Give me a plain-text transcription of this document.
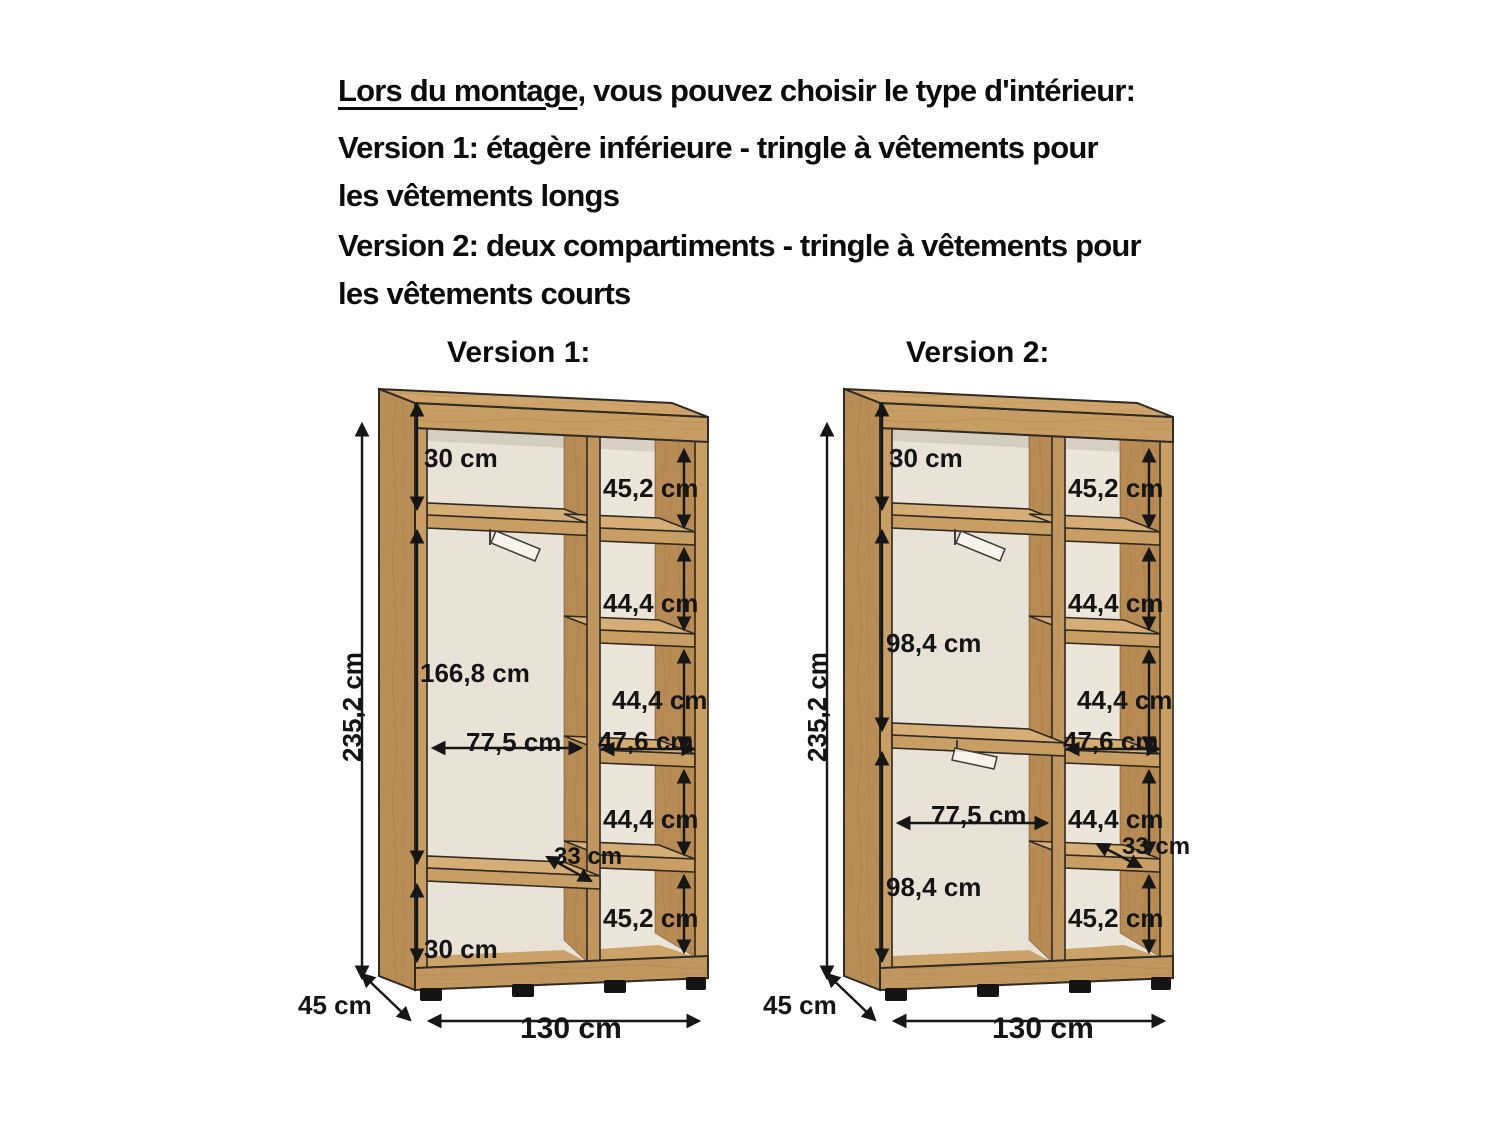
Lors du montage, vous pouvez choisir le type d'intérieur:
Version 1: étagère inférieure - tringle à vêtements pour
les vêtements longs
Version 2: deux compartiments - tringle à vêtements pour
les vêtements courts
Version 1:	Version 2:
235,2 cm
30 cm
45,2 cm
44,4 cm
166,8 cm
44,4 cm
77,5 cm 47,6 cm
44,4 cm
33 cm
45,2 cm
30 cm
45 cm
130 cm
235,2 cm
30 cm
45,2 cm
44,4 cm
98,4 cm
44,4 cm
47,6 cm
77,5 cm 44,4 cm
33 cm
98,4 cm
45,2 cm
45 cm
130 cm
